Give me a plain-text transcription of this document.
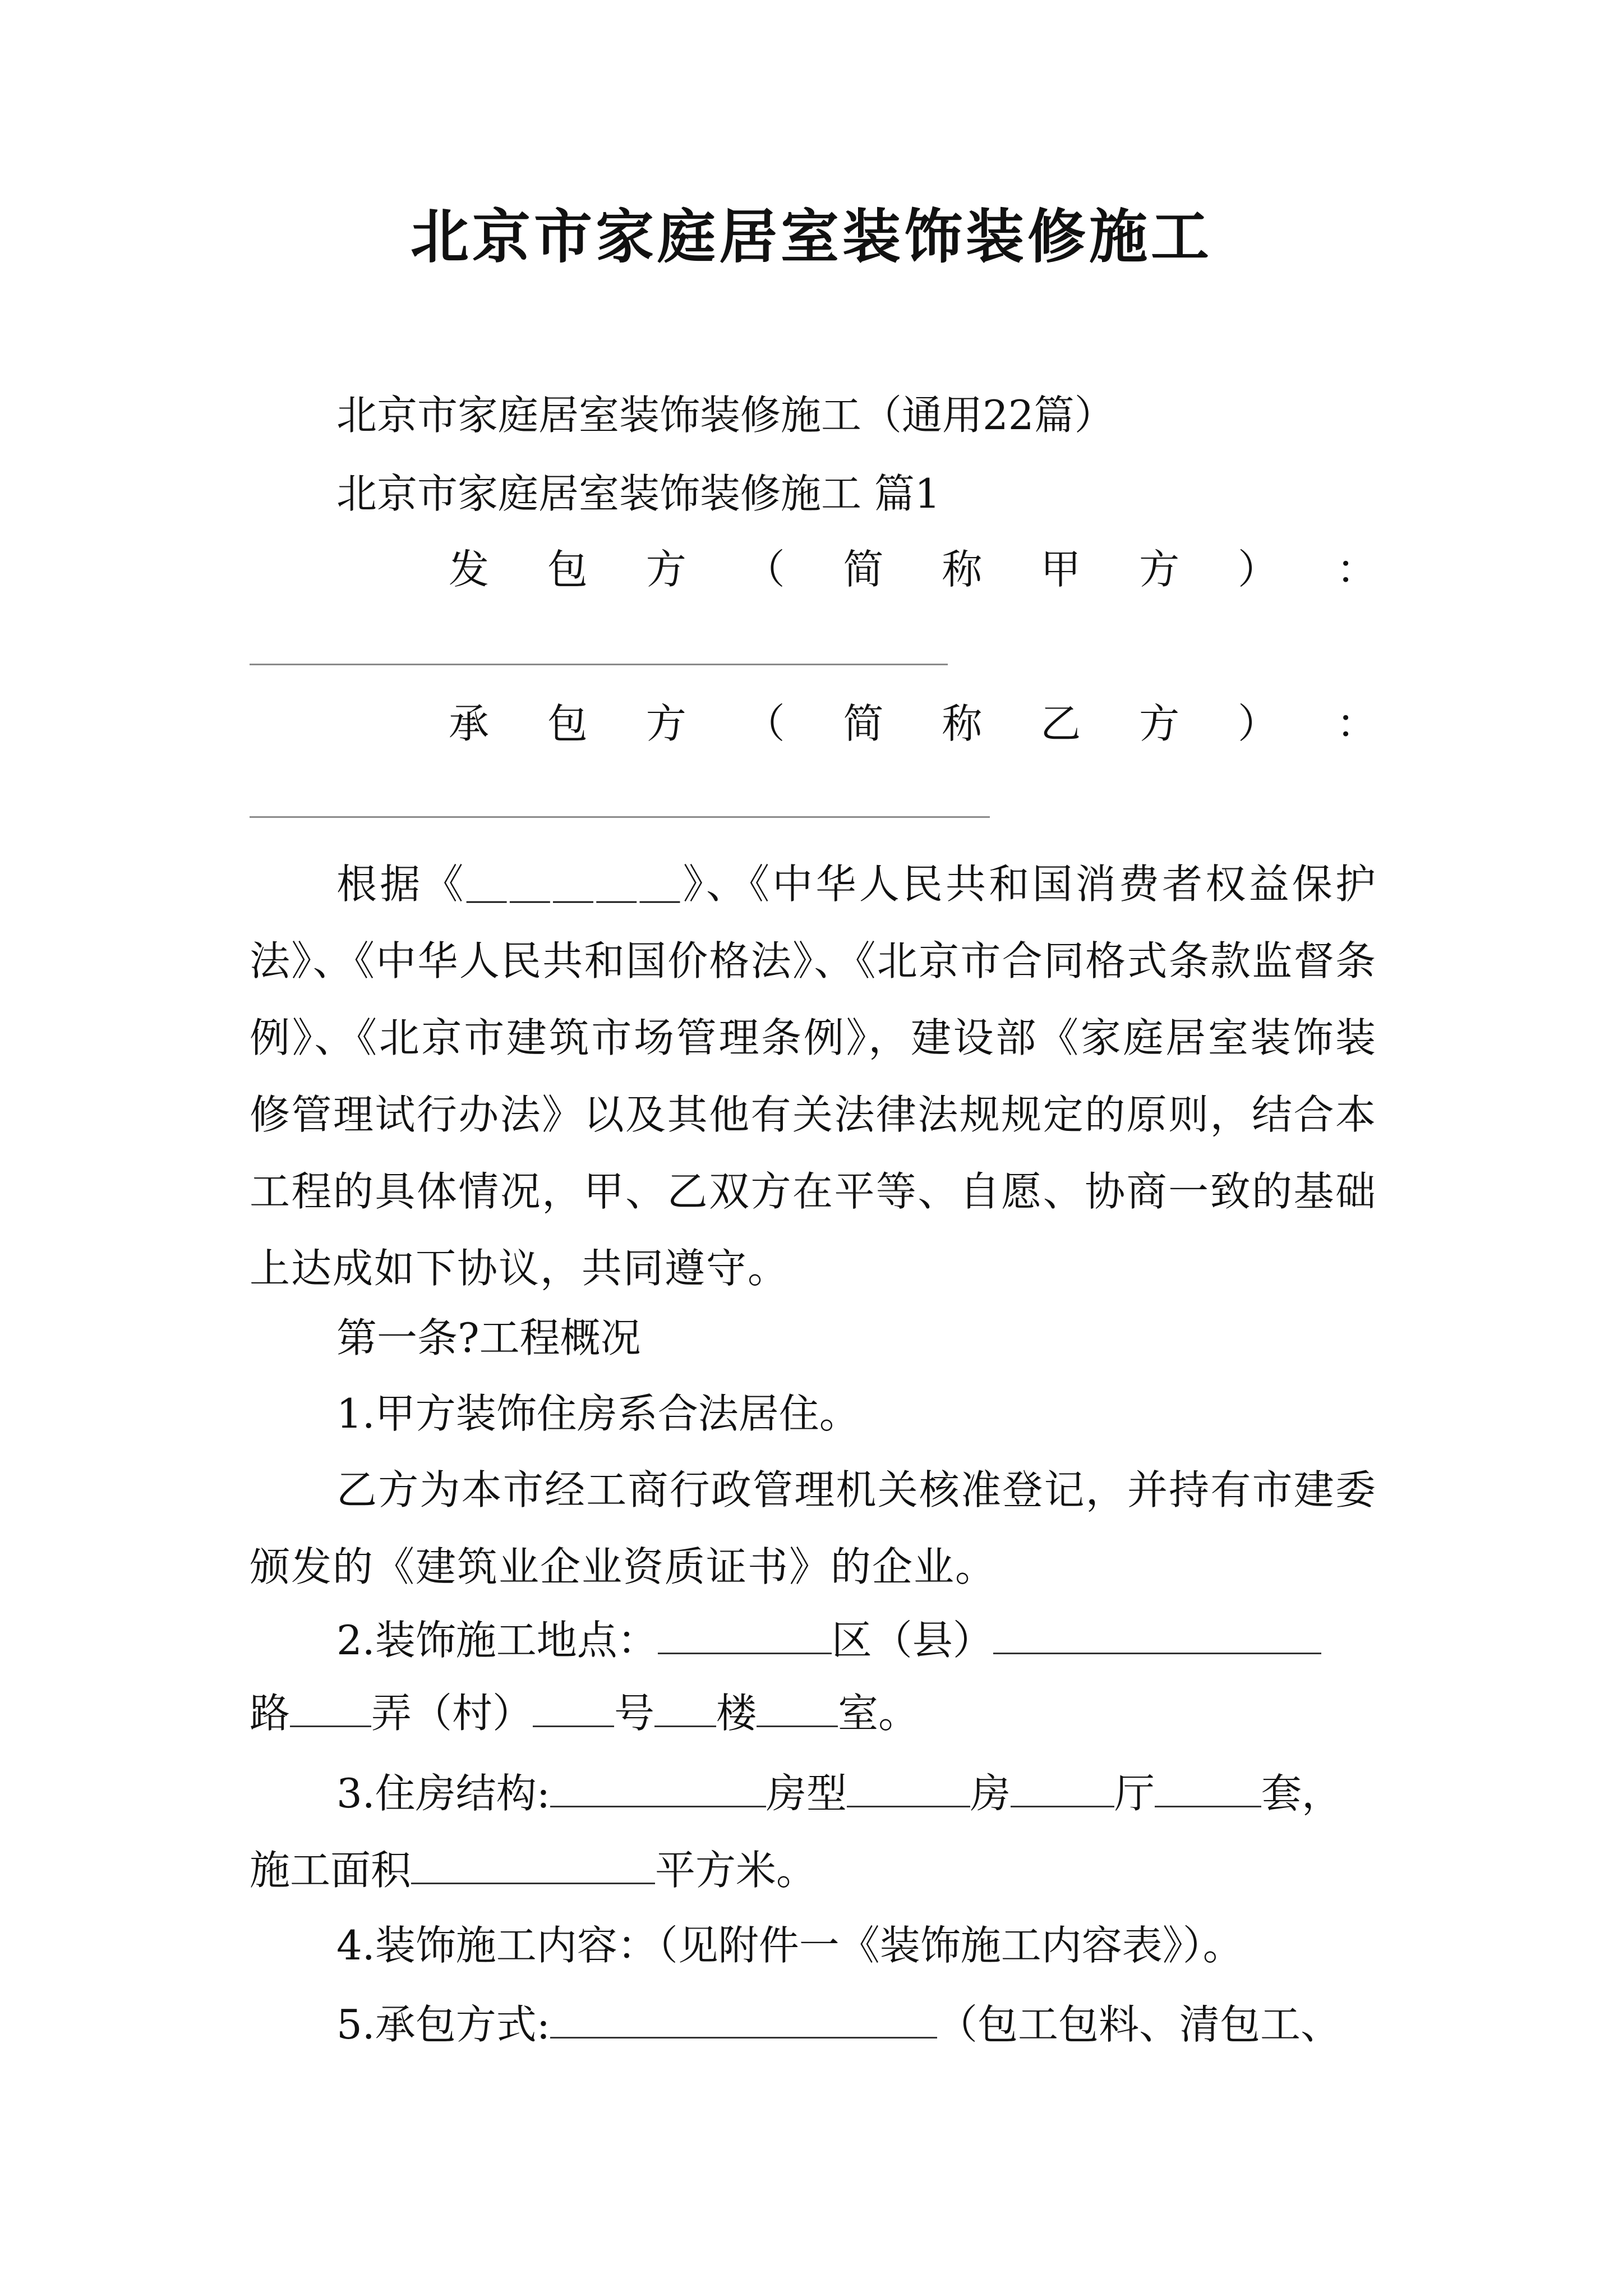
北京市家庭居室装饰装修施工
北京市家庭居室装饰装修施工（通用22篇）
北京市家庭居室装饰装修施工 篇1
发 包 方 （ 简 称 甲 方 ） ：
承 包 方 （ 简 称 乙 方 ） ：
根据《＿＿＿＿＿》、《中华人民共和国消费者权益保护法》、《中华人民共和国价格法》、《北京市合同格式条款监督条例》、《北京市建筑市场管理条例》，建设部《家庭居室装饰装修管理试行办法》以及其他有关法律法规规定的原则，结合本工程的具体情况，甲、乙双方在平等、自愿、协商一致的基础上达成如下协议，共同遵守。
第一条?工程概况
1.甲方装饰住房系合法居住。
乙方为本市经工商行政管理机关核准登记，并持有市建委颁发的《建筑业企业资质证书》的企业。
2.装饰施工地点：	区（县）
路 弄（村） 号 楼 室。
3.住房结构:	房型	房	厅	套，
施工面积	平方米。
4.装饰施工内容：（见附件一《装饰施工内容表》）。
5.承包方式:	（包工包料、清包工、
